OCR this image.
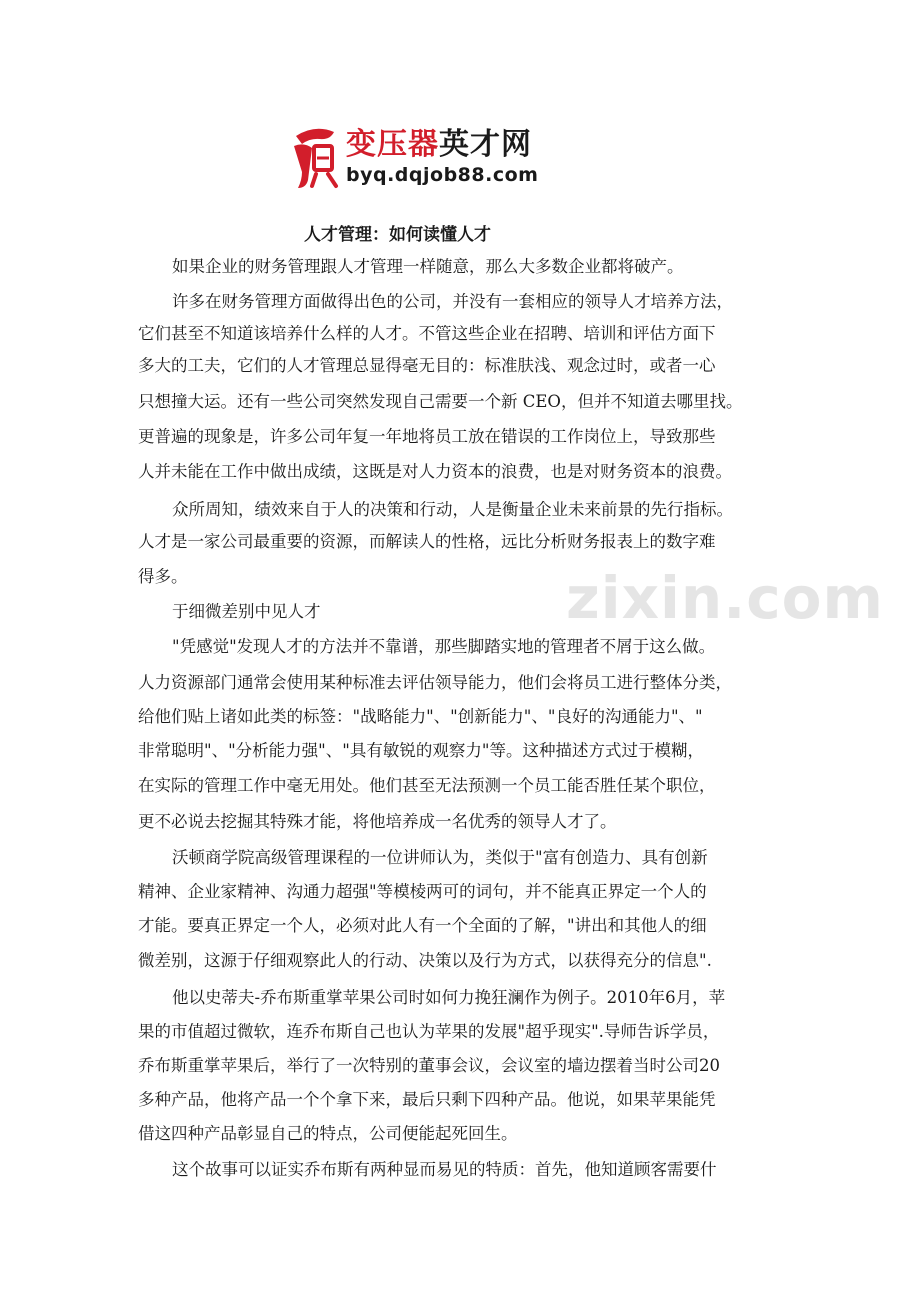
变压器英才网
byq.dqjob88.com
人才管理：如何读懂人才
zixin.com
如果企业的财务管理跟人才管理一样随意，那么大多数企业都将破产。
许多在财务管理方面做得出色的公司，并没有一套相应的领导人才培养方法，
它们甚至不知道该培养什么样的人才。不管这些企业在招聘、培训和评估方面下
多大的工夫，它们的人才管理总显得毫无目的：标准肤浅、观念过时，或者一心
只想撞大运。还有一些公司突然发现自己需要一个新 CEO，但并不知道去哪里找。
更普遍的现象是，许多公司年复一年地将员工放在错误的工作岗位上，导致那些
人并未能在工作中做出成绩，这既是对人力资本的浪费，也是对财务资本的浪费。
众所周知，绩效来自于人的决策和行动，人是衡量企业未来前景的先行指标。
人才是一家公司最重要的资源，而解读人的性格，远比分析财务报表上的数字难
得多。
于细微差别中见人才
"凭感觉"发现人才的方法并不靠谱，那些脚踏实地的管理者不屑于这么做。
人力资源部门通常会使用某种标准去评估领导能力，他们会将员工进行整体分类，
给他们贴上诸如此类的标签："战略能力"、"创新能力"、"良好的沟通能力"、"
非常聪明"、"分析能力强"、"具有敏锐的观察力"等。这种描述方式过于模糊，
在实际的管理工作中毫无用处。他们甚至无法预测一个员工能否胜任某个职位，
更不必说去挖掘其特殊才能，将他培养成一名优秀的领导人才了。
沃顿商学院高级管理课程的一位讲师认为，类似于"富有创造力、具有创新
精神、企业家精神、沟通力超强"等模棱两可的词句，并不能真正界定一个人的
才能。要真正界定一个人，必须对此人有一个全面的了解，"讲出和其他人的细
微差别，这源于仔细观察此人的行动、决策以及行为方式，以获得充分的信息".
他以史蒂夫-乔布斯重掌苹果公司时如何力挽狂澜作为例子。2010年6月，苹
果的市值超过微软，连乔布斯自己也认为苹果的发展"超乎现实".导师告诉学员，
乔布斯重掌苹果后，举行了一次特别的董事会议，会议室的墙边摆着当时公司20
多种产品，他将产品一个个拿下来，最后只剩下四种产品。他说，如果苹果能凭
借这四种产品彰显自己的特点，公司便能起死回生。
这个故事可以证实乔布斯有两种显而易见的特质：首先，他知道顾客需要什
